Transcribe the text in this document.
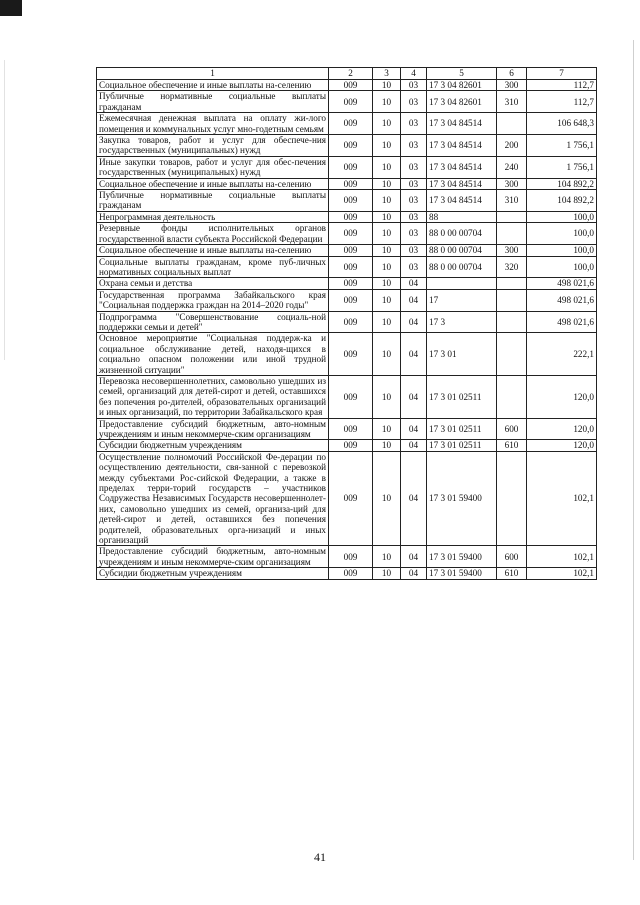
1	2	3	4	5	6	7
Социальное обеспечение и иные выплаты на-селению	009	10	03	17 3 04 82601	300	112,7
Публичные нормативные социальные выплаты гражданам	009	10	03	17 3 04 82601	310	112,7
Ежемесячная денежная выплата на оплату жи-лого помещения и коммунальных услуг мно-годетным семьям	009	10	03	17 3 04 84514		106 648,3
Закупка товаров, работ и услуг для обеспече-ния государственных (муниципальных) нужд	009	10	03	17 3 04 84514	200	1 756,1
Иные закупки товаров, работ и услуг для обес-печения государственных (муниципальных) нужд	009	10	03	17 3 04 84514	240	1 756,1
Социальное обеспечение и иные выплаты на-селению	009	10	03	17 3 04 84514	300	104 892,2
Публичные нормативные социальные выплаты гражданам	009	10	03	17 3 04 84514	310	104 892,2
Непрограммная деятельность	009	10	03	88		100,0
Резервные фонды исполнительных органов государственной власти субъекта Российской Федерации	009	10	03	88 0 00 00704		100,0
Социальное обеспечение и иные выплаты на-селению	009	10	03	88 0 00 00704	300	100,0
Социальные выплаты гражданам, кроме пуб-личных нормативных социальных выплат	009	10	03	88 0 00 00704	320	100,0
Охрана семьи и детства	009	10	04			498 021,6
Государственная программа Забайкальского края "Социальная поддержка граждан на 2014–2020 годы"	009	10	04	17		498 021,6
Подпрограмма "Совершенствование социаль-ной поддержки семьи и детей"	009	10	04	17 3		498 021,6
Основное мероприятие "Социальная поддерж-ка и социальное обслуживание детей, находя-щихся в социально опасном положении или иной трудной жизненной ситуации"	009	10	04	17 3 01		222,1
Перевозка несовершеннолетних, самовольно ушедших из семей, организаций для детей-сирот и детей, оставшихся без попечения ро-дителей, образовательных организаций и иных организаций, по территории Забайкальского края	009	10	04	17 3 01 02511		120,0
Предоставление субсидий бюджетным, авто-номным учреждениям и иным некоммерче-ским организациям	009	10	04	17 3 01 02511	600	120,0
Субсидии бюджетным учреждениям	009	10	04	17 3 01 02511	610	120,0
Осуществление полномочий Российской Фе-дерации по осуществлению деятельности, свя-занной с перевозкой между субъектами Рос-сийской Федерации, а также в пределах терри-торий государств – участников Содружества Независимых Государств несовершеннолет-них, самовольно ушедших из семей, организа-ций для детей-сирот и детей, оставшихся без попечения родителей, образовательных орга-низаций и иных организаций	009	10	04	17 3 01 59400		102,1
Предоставление субсидий бюджетным, авто-номным учреждениям и иным некоммерче-ским организациям	009	10	04	17 3 01 59400	600	102,1
Субсидии бюджетным учреждениям	009	10	04	17 3 01 59400	610	102,1
41
